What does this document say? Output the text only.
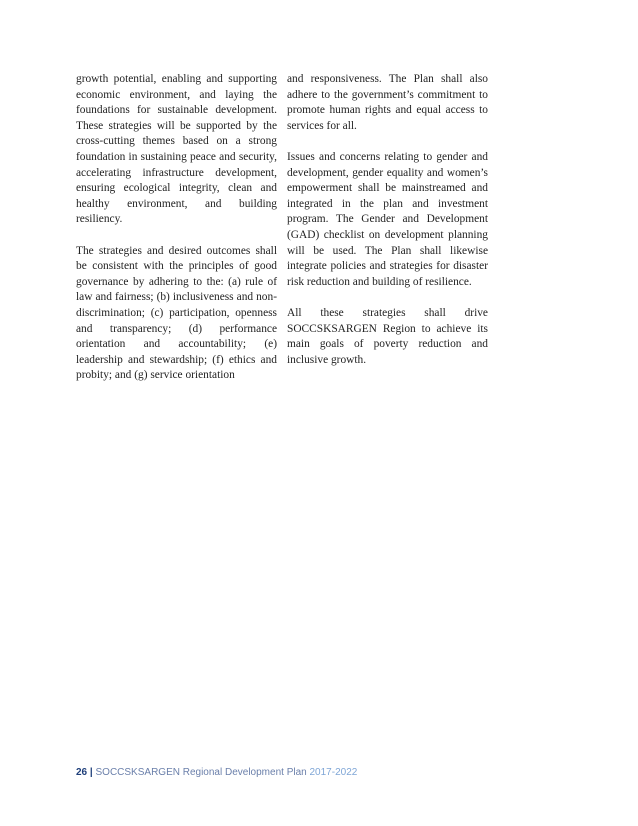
growth potential, enabling and supporting economic environment, and laying the foundations for sustainable development. These strategies will be supported by the cross-cutting themes based on a strong foundation in sustaining peace and security, accelerating infrastructure development, ensuring ecological integrity, clean and healthy environment, and building resiliency.

The strategies and desired outcomes shall be consistent with the principles of good governance by adhering to the: (a) rule of law and fairness; (b) inclusiveness and non-discrimination; (c) participation, openness and transparency; (d) performance orientation and accountability; (e) leadership and stewardship; (f) ethics and probity; and (g) service orientation

and responsiveness. The Plan shall also adhere to the government’s commitment to promote human rights and equal access to services for all.

Issues and concerns relating to gender and development, gender equality and women’s empowerment shall be mainstreamed and integrated in the plan and investment program. The Gender and Development (GAD) checklist on development planning will be used. The Plan shall likewise integrate policies and strategies for disaster risk reduction and building of resilience.

All these strategies shall drive SOCCSKSARGEN Region to achieve its main goals of poverty reduction and inclusive growth.

26 | SOCCSKSARGEN Regional Development Plan 2017-2022
